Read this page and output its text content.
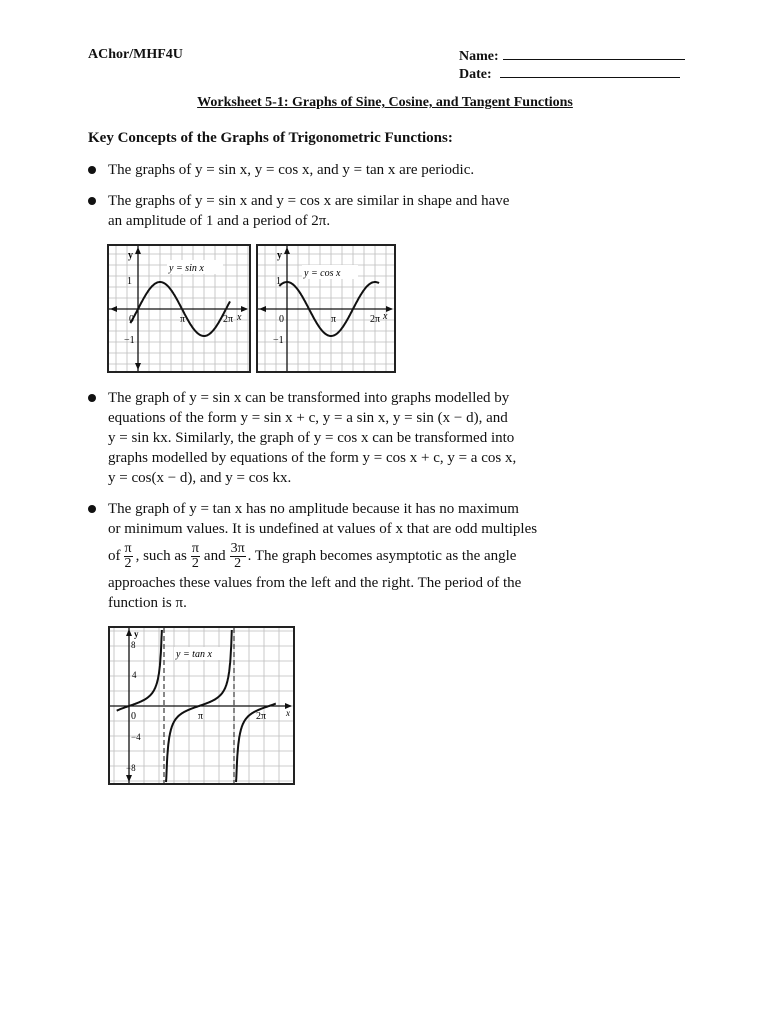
AChor/MHF4U	Name:
Date:
Worksheet 5-1: Graphs of Sine, Cosine, and Tangent Functions
Key Concepts of the Graphs of Trigonometric Functions:
The graphs of y = sin x, y = cos x, and y = tan x are periodic.
The graphs of y = sin x and y = cos x are similar in shape and have
an amplitude of 1 and a period of 2π.
y = sin x
y
x
1
−1
0	π	2π
y = cos x
y
x
1
−1
0	π	2π
The graph of y = sin x can be transformed into graphs modelled by
equations of the form y = sin x + c, y = a sin x, y = sin (x − d), and
y = sin kx. Similarly, the graph of y = cos x can be transformed into
graphs modelled by equations of the form y = cos x + c, y = a cos x,
y = cos(x − d), and y = cos kx.
The graph of y = tan x has no amplitude because it has no maximum
or minimum values. It is undefined at values of x that are odd multiples
of $\frac{\pi}{2}$ , such as $\frac{\pi}{2}$ and $\frac{3\pi}{2}$ . The graph becomes asymptotic as the angle
approaches these values from the left and the right. The period of the
function is π.
y = tan x
y
x
8
4
−4
−8
0	π	2π
